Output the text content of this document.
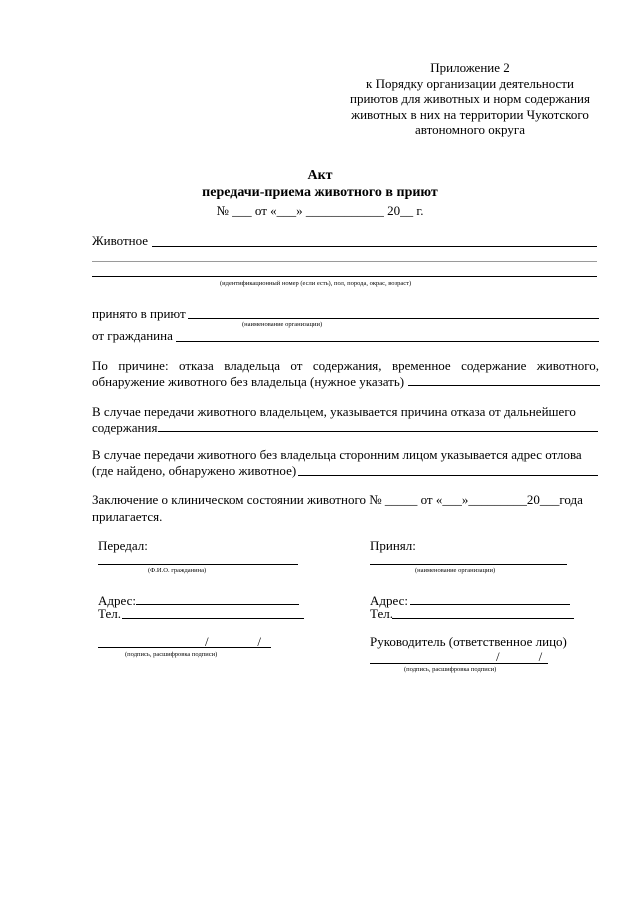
Приложение 2
к Порядку организации деятельности
приютов для животных и норм содержания
животных в них на территории Чукотского
автономного округа
Акт
передачи-приема животного в приют
№ ___ от «___» ____________ 20__ г.
Животное
(идентификационный номер (если есть), пол, порода, окрас, возраст)
принято в приют
(наименование организации)
от гражданина
По причине: отказа владельца от содержания, временное содержание животного,
обнаружение животного без владельца (нужное указать)
В случае передачи животного владельцем, указывается причина отказа от дальнейшего
содержания
В случае передачи животного без владельца сторонним лицом указывается адрес отлова
(где найдено, обнаружено животное)
Заключение о клиническом состоянии животного № _____ от «___»_________20___года
прилагается.
Передал:
(Ф.И.О. гражданина)
Адрес:
Тел.
/               /
(подпись, расшифровка подписи)
Принял:
(наименование организации)
Адрес:
Тел.
Руководитель (ответственное лицо)
/            /
(подпись, расшифровка подписи)
